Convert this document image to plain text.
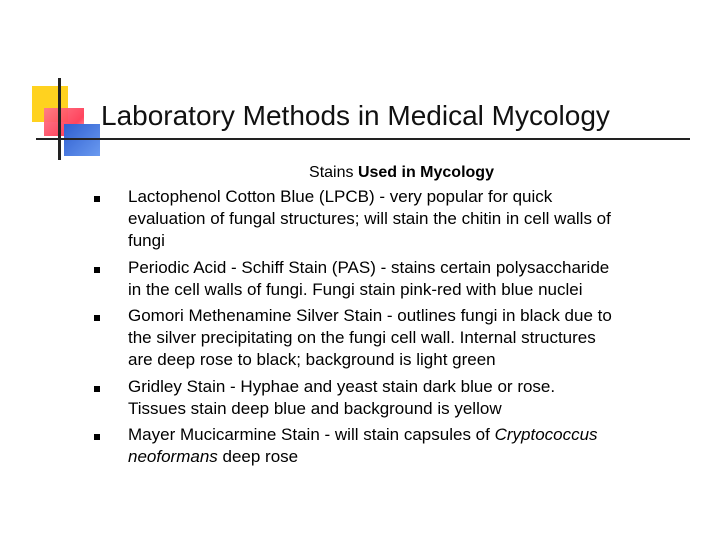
Laboratory Methods in Medical Mycology

Stains Used in Mycology

Lactophenol Cotton Blue (LPCB) - very popular for quick
evaluation of fungal structures; will stain the chitin in cell walls of
fungi
Periodic Acid - Schiff Stain (PAS) - stains certain polysaccharide
in the cell walls of fungi. Fungi stain pink-red with blue nuclei
Gomori Methenamine Silver Stain - outlines fungi in black due to
the silver precipitating on the fungi cell wall. Internal structures
are deep rose to black; background is light green
Gridley Stain - Hyphae and yeast stain dark blue or rose.
Tissues stain deep blue and background is yellow
Mayer Mucicarmine Stain - will stain capsules of Cryptococcus
neoformans deep rose
